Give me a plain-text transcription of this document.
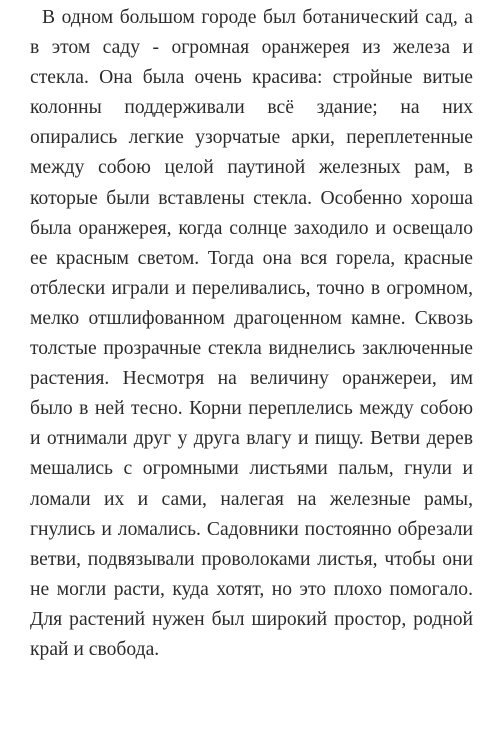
В одном большом городе был ботанический сад, а в этом саду - огромная оранжерея из железа и стекла. Она была очень красива: стройные витые колонны поддерживали всё здание; на них опирались легкие узорчатые арки, переплетенные между собою целой паутиной железных рам, в которые были вставлены стекла. Особенно хороша была оранжерея, когда солнце заходило и освещало ее красным светом. Тогда она вся горела, красные отблески играли и переливались, точно в огромном, мелко отшлифованном драгоценном камне. Сквозь толстые прозрачные стекла виднелись заключенные растения. Несмотря на величину оранжереи, им было в ней тесно. Корни переплелись между собою и отнимали друг у друга влагу и пищу. Ветви дерев мешались с огромными листьями пальм, гнули и ломали их и сами, налегая на железные рамы, гнулись и ломались. Садовники постоянно обрезали ветви, подвязывали проволоками листья, чтобы они не могли расти, куда хотят, но это плохо помогало. Для растений нужен был широкий простор, родной край и свобода.
